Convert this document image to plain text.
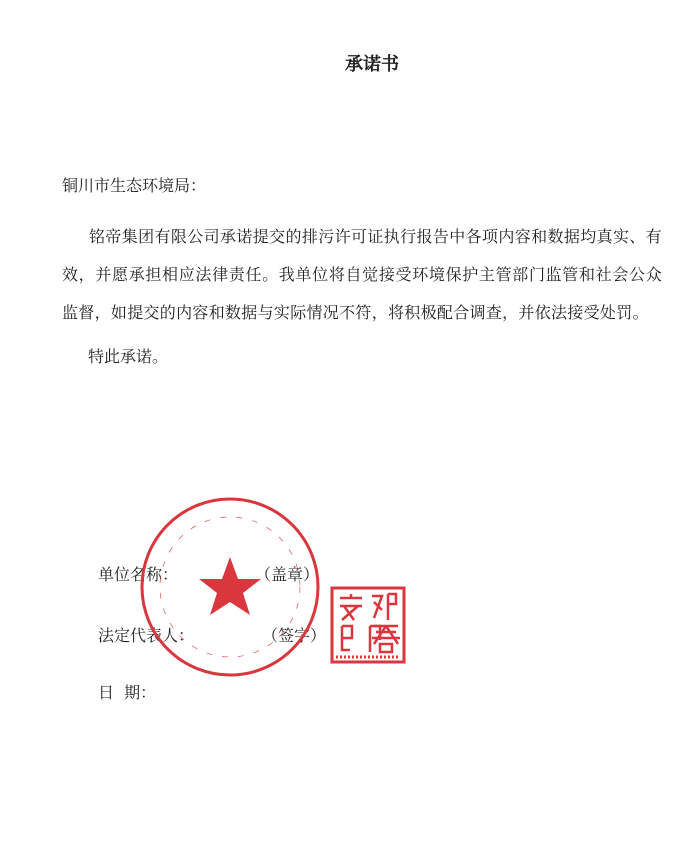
承诺书
铜川市生态环境局：
铭帝集团有限公司承诺提交的排污许可证执行报告中各项内容和数据均真实、有效，并愿承担相应法律责任。我单位将自觉接受环境保护主管部门监管和社会公众监督，如提交的内容和数据与实际情况不符，将积极配合调查，并依法接受处罚。
特此承诺。
单位名称：	（盖章）
法定代表人：	（签字）
日  期：
